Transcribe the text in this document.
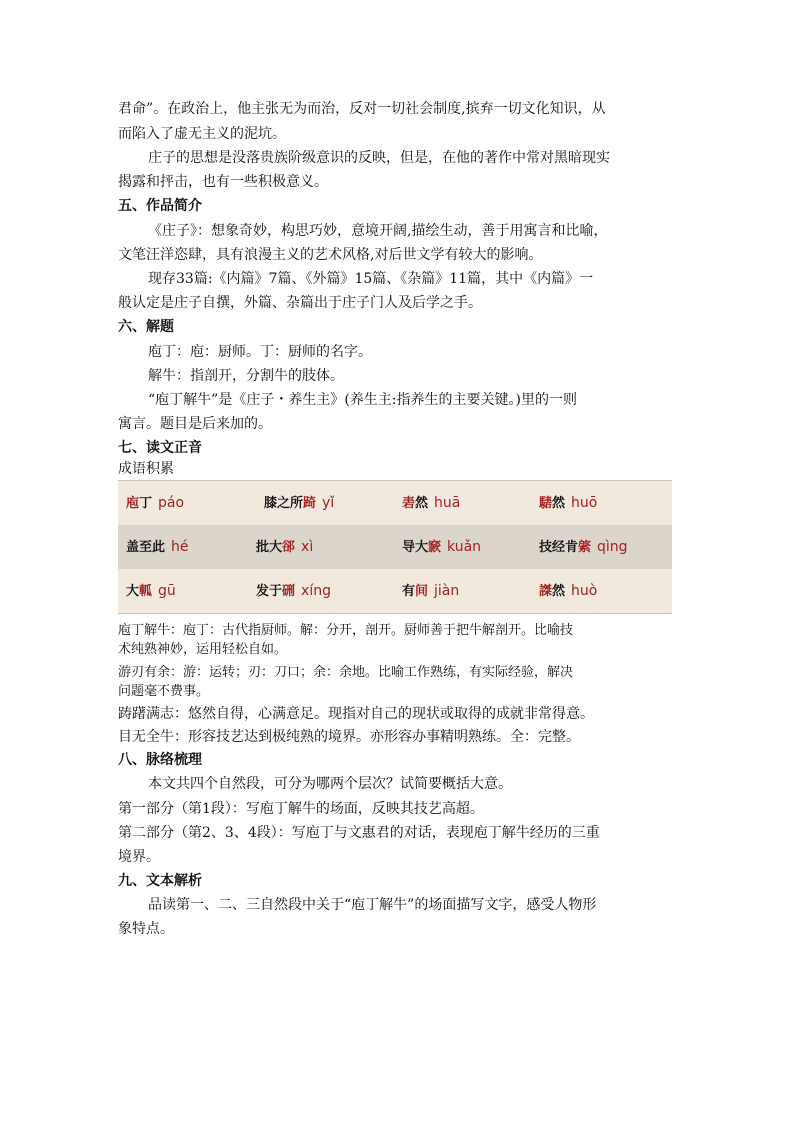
君命”。在政治上，他主张无为而治，反对一切社会制度,摈弃一切文化知识，从
而陷入了虚无主义的泥坑。
庄子的思想是没落贵族阶级意识的反映，但是，在他的著作中常对黑暗现实
揭露和抨击，也有一些积极意义。
五、作品简介
《庄子》：想象奇妙，构思巧妙，意境开阔,描绘生动，善于用寓言和比喻，
文笔汪洋恣肆，具有浪漫主义的艺术风格,对后世文学有较大的影响。
现存33篇:《内篇》7篇、《外篇》15篇、《杂篇》11篇，其中《内篇》一
般认定是庄子自撰，外篇、杂篇出于庄子门人及后学之手。
六、解题
庖丁：庖：厨师。丁：厨师的名字。
解牛：指剖开，分割牛的肢体。
“庖丁解牛”是《庄子・养生主》(养生主:指养生的主要关键。)里的一则
寓言。题目是后来加的。
七、读文正音
成语积累
庖丁 páo	膝之所踦 yǐ	砉然 huā	騞然 huō
盖至此 hé	批大郤 xì	导大窾 kuǎn	技经肯綮 qìng
大軱 gū	发于硎 xíng	有间 jiàn	謋然 huò
庖丁解牛：庖丁：古代指厨师。解：分开，剖开。厨师善于把牛解剖开。比喻技
术纯熟神妙，运用轻松自如。
游刃有余：游：运转；刃：刀口；余：余地。比喻工作熟练，有实际经验，解决
问题毫不费事。
踌躇满志：悠然自得，心满意足。现指对自己的现状或取得的成就非常得意。
目无全牛：形容技艺达到极纯熟的境界。亦形容办事精明熟练。全：完整。
八、脉络梳理
本文共四个自然段，可分为哪两个层次？试简要概括大意。
第一部分（第1段）：写庖丁解牛的场面，反映其技艺高超。
第二部分（第2、3、4段）：写庖丁与文惠君的对话，表现庖丁解牛经历的三重
境界。
九、文本解析
品读第一、二、三自然段中关于“庖丁解牛”的场面描写文字，感受人物形
象特点。
